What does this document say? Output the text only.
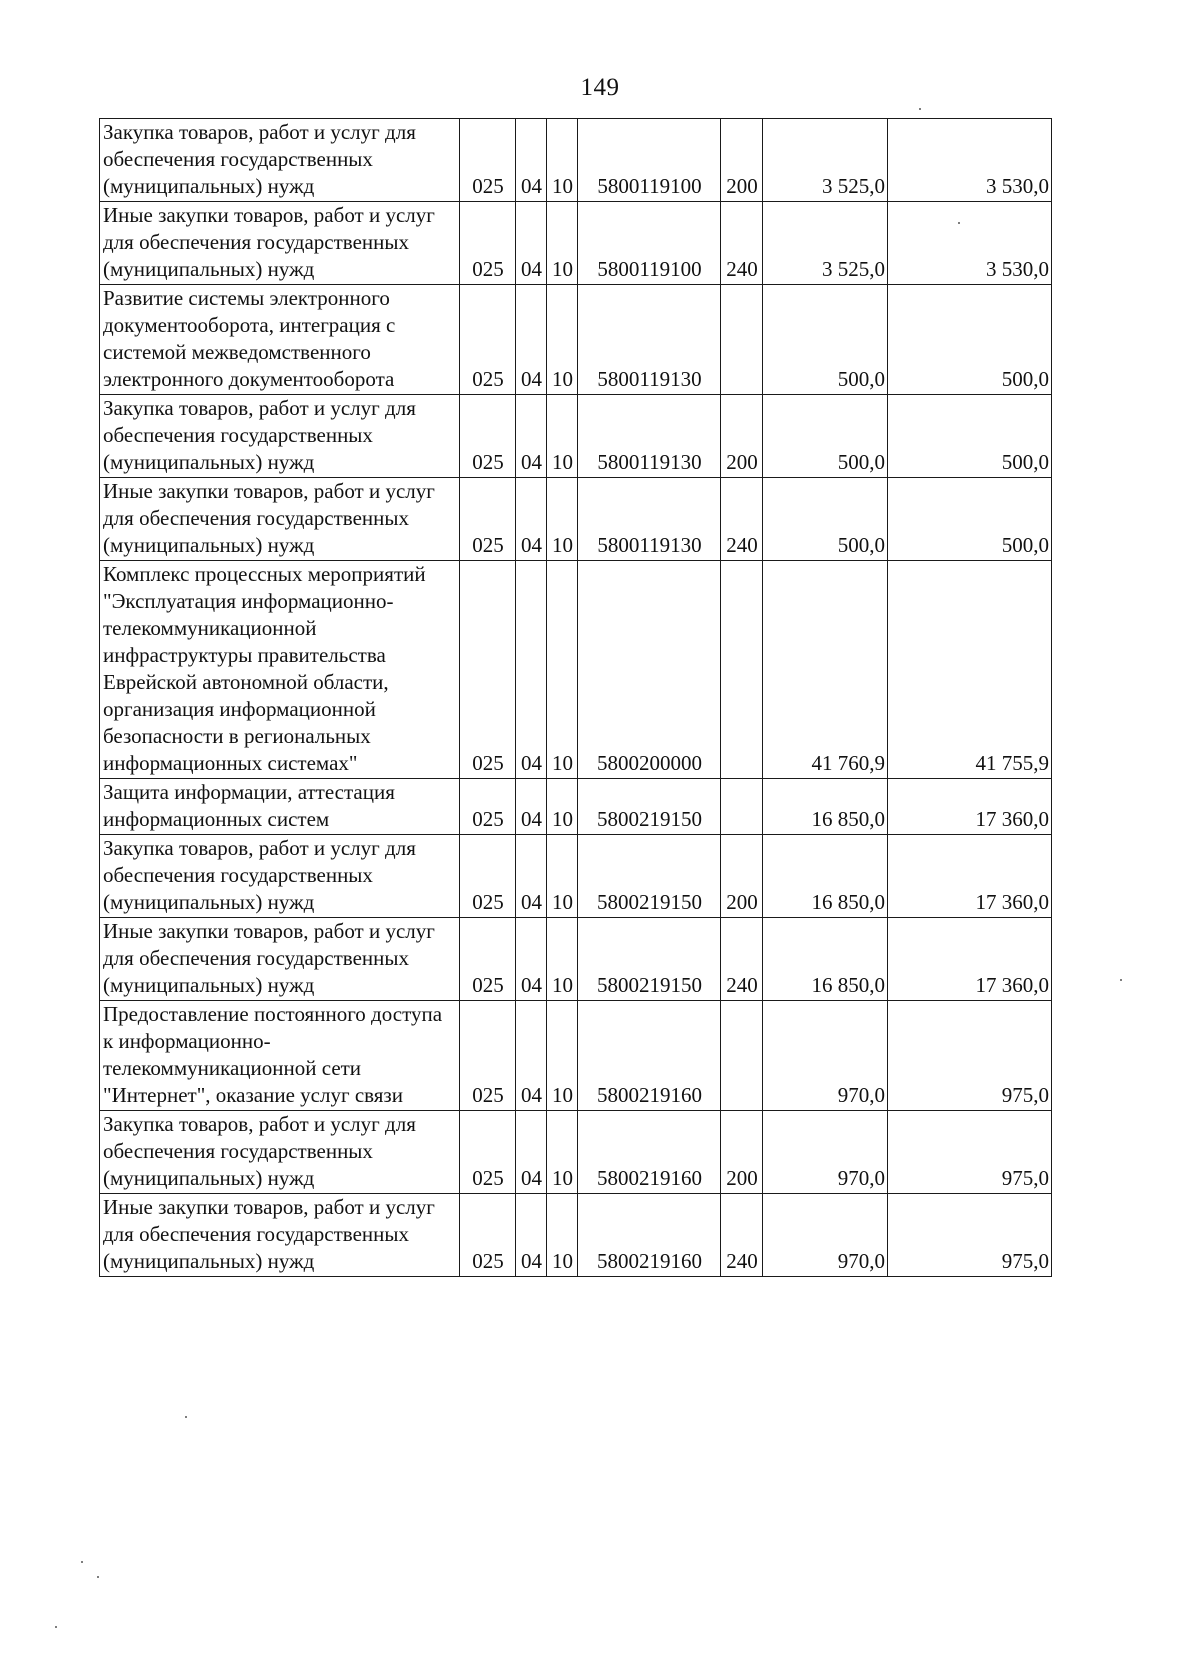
149
Закупка товаров, работ и услуг для обеспечения государственных (муниципальных) нужд	025	04	10	5800119100	200	3 525,0	3 530,0
Иные закупки товаров, работ и услуг для обеспечения государственных (муниципальных) нужд	025	04	10	5800119100	240	3 525,0	3 530,0
Развитие системы электронного документооборота, интеграция с системой межведомственного электронного документооборота	025	04	10	5800119130		500,0	500,0
Закупка товаров, работ и услуг для обеспечения государственных (муниципальных) нужд	025	04	10	5800119130	200	500,0	500,0
Иные закупки товаров, работ и услуг для обеспечения государственных (муниципальных) нужд	025	04	10	5800119130	240	500,0	500,0
Комплекс процессных мероприятий "Эксплуатация информационно-телекоммуникационной инфраструктуры правительства Еврейской автономной области, организация информационной безопасности в региональных информационных системах"	025	04	10	5800200000		41 760,9	41 755,9
Защита информации, аттестация информационных систем	025	04	10	5800219150		16 850,0	17 360,0
Закупка товаров, работ и услуг для обеспечения государственных (муниципальных) нужд	025	04	10	5800219150	200	16 850,0	17 360,0
Иные закупки товаров, работ и услуг для обеспечения государственных (муниципальных) нужд	025	04	10	5800219150	240	16 850,0	17 360,0
Предоставление постоянного доступа к информационно-телекоммуникационной сети "Интернет", оказание услуг связи	025	04	10	5800219160		970,0	975,0
Закупка товаров, работ и услуг для обеспечения государственных (муниципальных) нужд	025	04	10	5800219160	200	970,0	975,0
Иные закупки товаров, работ и услуг для обеспечения государственных (муниципальных) нужд	025	04	10	5800219160	240	970,0	975,0
